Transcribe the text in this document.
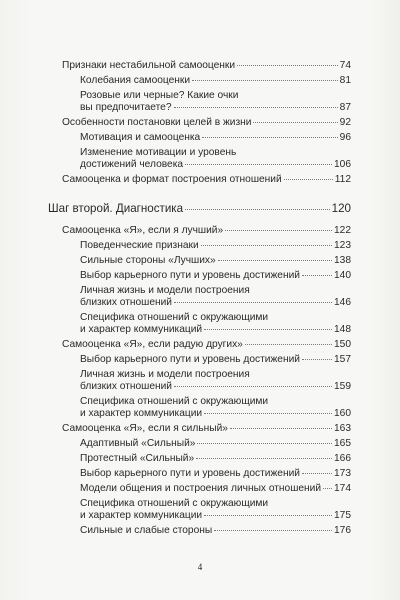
Признаки нестабильной самооценки	74
Колебания самооценки	81
Розовые или черные? Какие очки
вы предпочитаете?	87
Особенности постановки целей в жизни	92
Мотивация и самооценка	96
Изменение мотивации и уровень
достижений человека	106
Самооценка и формат построения отношений	112
Шаг второй. Диагностика	120
Самооценка «Я», если я лучший»	122
Поведенческие признаки	123
Сильные стороны «Лучших»	138
Выбор карьерного пути и уровень достижений	140
Личная жизнь и модели построения
близких отношений	146
Специфика отношений с окружающими
и характер коммуникаций	148
Самооценка «Я», если радую других»	150
Выбор карьерного пути и уровень достижений	157
Личная жизнь и модели построения
близких отношений	159
Специфика отношений с окружающими
и характер коммуникации	160
Самооценка «Я», если я сильный»	163
Адаптивный «Сильный»	165
Протестный «Сильный»	166
Выбор карьерного пути и уровень достижений	173
Модели общения и построения личных отношений 174
Специфика отношений с окружающими
и характер коммуникации	175
Сильные и слабые стороны	176
4
